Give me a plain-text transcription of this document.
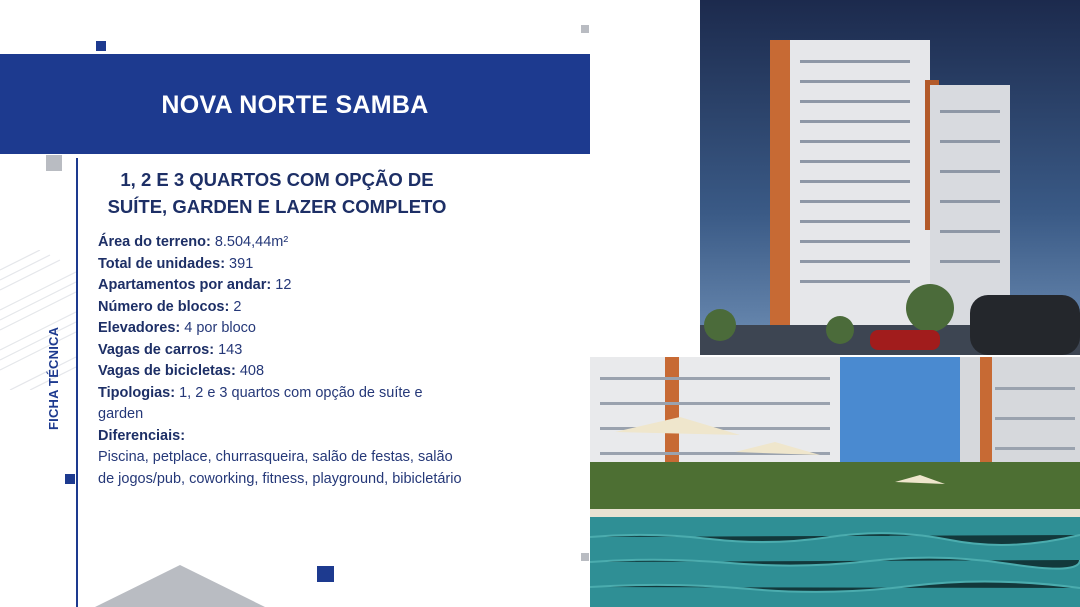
NOVA NORTE SAMBA
FICHA TÉCNICA
1, 2 E 3 QUARTOS COM OPÇÃO DE SUÍTE, GARDEN E LAZER COMPLETO
Área do terreno: 8.504,44m²
Total de unidades: 391
Apartamentos por andar: 12
Número de blocos: 2
Elevadores: 4 por bloco
Vagas de carros: 143
Vagas de bicicletas: 408
Tipologias: 1, 2 e 3 quartos com opção de suíte e garden
Diferenciais:
Piscina, petplace, churrasqueira, salão de festas, salão de jogos/pub, coworking, fitness, playground, bibicletário
